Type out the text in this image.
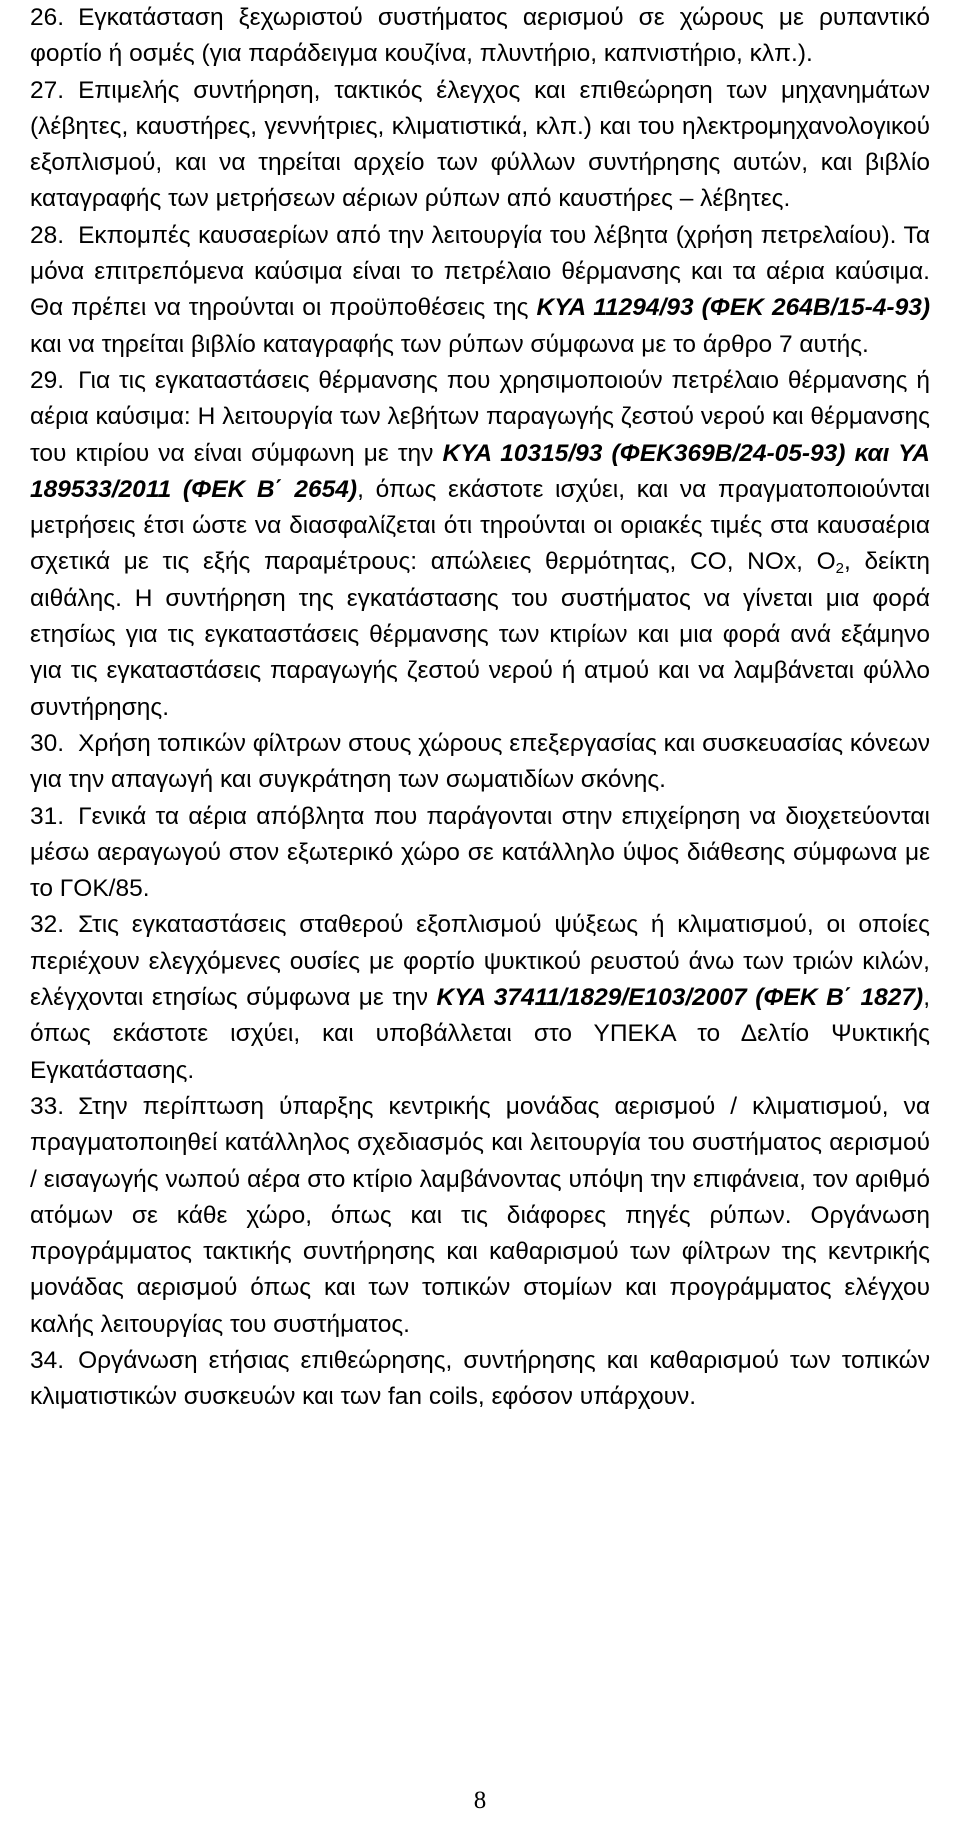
26. Εγκατάσταση ξεχωριστού συστήματος αερισμού σε χώρους με ρυπαντικό φορτίο ή οσμές (για παράδειγμα κουζίνα, πλυντήριο, καπνιστήριο, κλπ.).

27. Επιμελής συντήρηση, τακτικός έλεγχος και επιθεώρηση των μηχανημάτων (λέβητες, καυστήρες, γεννήτριες, κλιματιστικά, κλπ.) και του ηλεκτρομηχανολογικού εξοπλισμού, και να τηρείται αρχείο των φύλλων συντήρησης αυτών, και βιβλίο καταγραφής των μετρήσεων αέριων ρύπων από καυστήρες – λέβητες.

28. Εκπομπές καυσαερίων από την λειτουργία του λέβητα (χρήση πετρελαίου). Τα μόνα επιτρεπόμενα καύσιμα είναι το πετρέλαιο θέρμανσης και τα αέρια καύσιμα. Θα πρέπει να τηρούνται οι προϋποθέσεις της ΚΥΑ 11294/93 (ΦΕΚ 264Β/15-4-93) και να τηρείται βιβλίο καταγραφής των ρύπων σύμφωνα με το άρθρο 7 αυτής.

29. Για τις εγκαταστάσεις θέρμανσης που χρησιμοποιούν πετρέλαιο θέρμανσης ή αέρια καύσιμα: Η λειτουργία των λεβήτων παραγωγής ζεστού νερού και θέρμανσης του κτιρίου να είναι σύμφωνη με την ΚΥΑ 10315/93 (ΦΕΚ369Β/24-05-93) και ΥΑ 189533/2011 (ΦΕΚ Β΄ 2654), όπως εκάστοτε ισχύει, και να πραγματοποιούνται μετρήσεις έτσι ώστε να διασφαλίζεται ότι τηρούνται οι οριακές τιμές στα καυσαέρια σχετικά με τις εξής παραμέτρους: απώλειες θερμότητας, CO, NOx, $O_2$, δείκτη αιθάλης. Η συντήρηση της εγκατάστασης του συστήματος να γίνεται μια φορά ετησίως για τις εγκαταστάσεις θέρμανσης των κτιρίων και μια φορά ανά εξάμηνο για τις εγκαταστάσεις παραγωγής ζεστού νερού ή ατμού και να λαμβάνεται φύλλο συντήρησης.

30. Χρήση τοπικών φίλτρων στους χώρους επεξεργασίας και συσκευασίας κόνεων για την απαγωγή και συγκράτηση των σωματιδίων σκόνης.

31. Γενικά τα αέρια απόβλητα που παράγονται στην επιχείρηση να διοχετεύονται μέσω αεραγωγού στον εξωτερικό χώρο σε κατάλληλο ύψος διάθεσης σύμφωνα με το ΓΟΚ/85.

32. Στις εγκαταστάσεις σταθερού εξοπλισμού ψύξεως ή κλιματισμού, οι οποίες περιέχουν ελεγχόμενες ουσίες με φορτίο ψυκτικού ρευστού άνω των τριών κιλών, ελέγχονται ετησίως σύμφωνα με την ΚΥΑ 37411/1829/Ε103/2007 (ΦΕΚ Β΄ 1827), όπως εκάστοτε ισχύει, και υποβάλλεται στο ΥΠΕΚΑ το Δελτίο Ψυκτικής Εγκατάστασης.

33. Στην περίπτωση ύπαρξης κεντρικής μονάδας αερισμού / κλιματισμού, να πραγματοποιηθεί κατάλληλος σχεδιασμός και λειτουργία του συστήματος αερισμού / εισαγωγής νωπού αέρα στο κτίριο λαμβάνοντας υπόψη την επιφάνεια, τον αριθμό ατόμων σε κάθε χώρο, όπως και τις διάφορες πηγές ρύπων. Οργάνωση προγράμματος τακτικής συντήρησης και καθαρισμού των φίλτρων της κεντρικής μονάδας αερισμού όπως και των τοπικών στομίων και προγράμματος ελέγχου καλής λειτουργίας του συστήματος.

34. Οργάνωση ετήσιας επιθεώρησης, συντήρησης και καθαρισμού των τοπικών κλιματιστικών συσκευών και των fan coils, εφόσον υπάρχουν.

8
